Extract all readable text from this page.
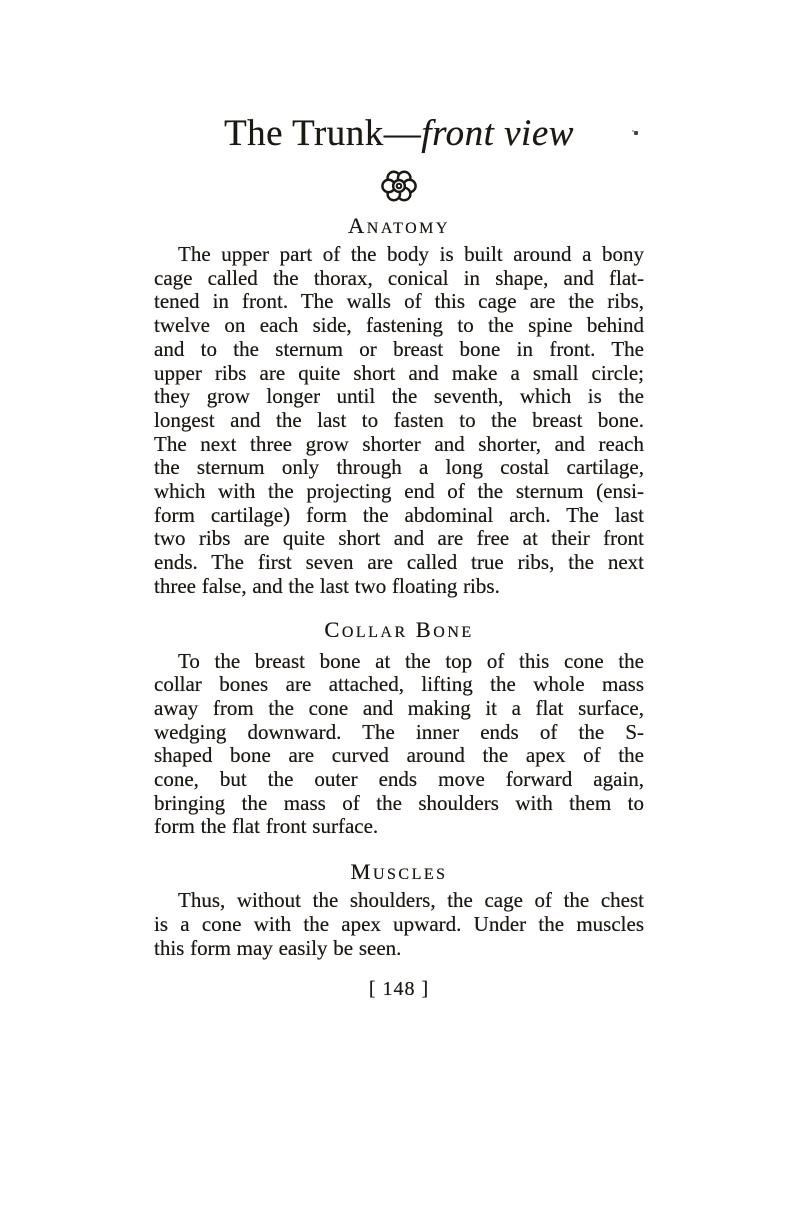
The Trunk—front view
Anatomy
The upper part of the body is built around a bony
cage called the thorax, conical in shape, and flat-
tened in front. The walls of this cage are the ribs,
twelve on each side, fastening to the spine behind
and to the sternum or breast bone in front. The
upper ribs are quite short and make a small circle;
they grow longer until the seventh, which is the
longest and the last to fasten to the breast bone.
The next three grow shorter and shorter, and reach
the sternum only through a long costal cartilage,
which with the projecting end of the sternum (ensi-
form cartilage) form the abdominal arch. The last
two ribs are quite short and are free at their front
ends. The first seven are called true ribs, the next
three false, and the last two floating ribs.
Collar Bone
To the breast bone at the top of this cone the
collar bones are attached, lifting the whole mass
away from the cone and making it a flat surface,
wedging downward. The inner ends of the S-
shaped bone are curved around the apex of the
cone, but the outer ends move forward again,
bringing the mass of the shoulders with them to
form the flat front surface.
Muscles
Thus, without the shoulders, the cage of the chest
is a cone with the apex upward. Under the muscles
this form may easily be seen.
[ 148 ]
